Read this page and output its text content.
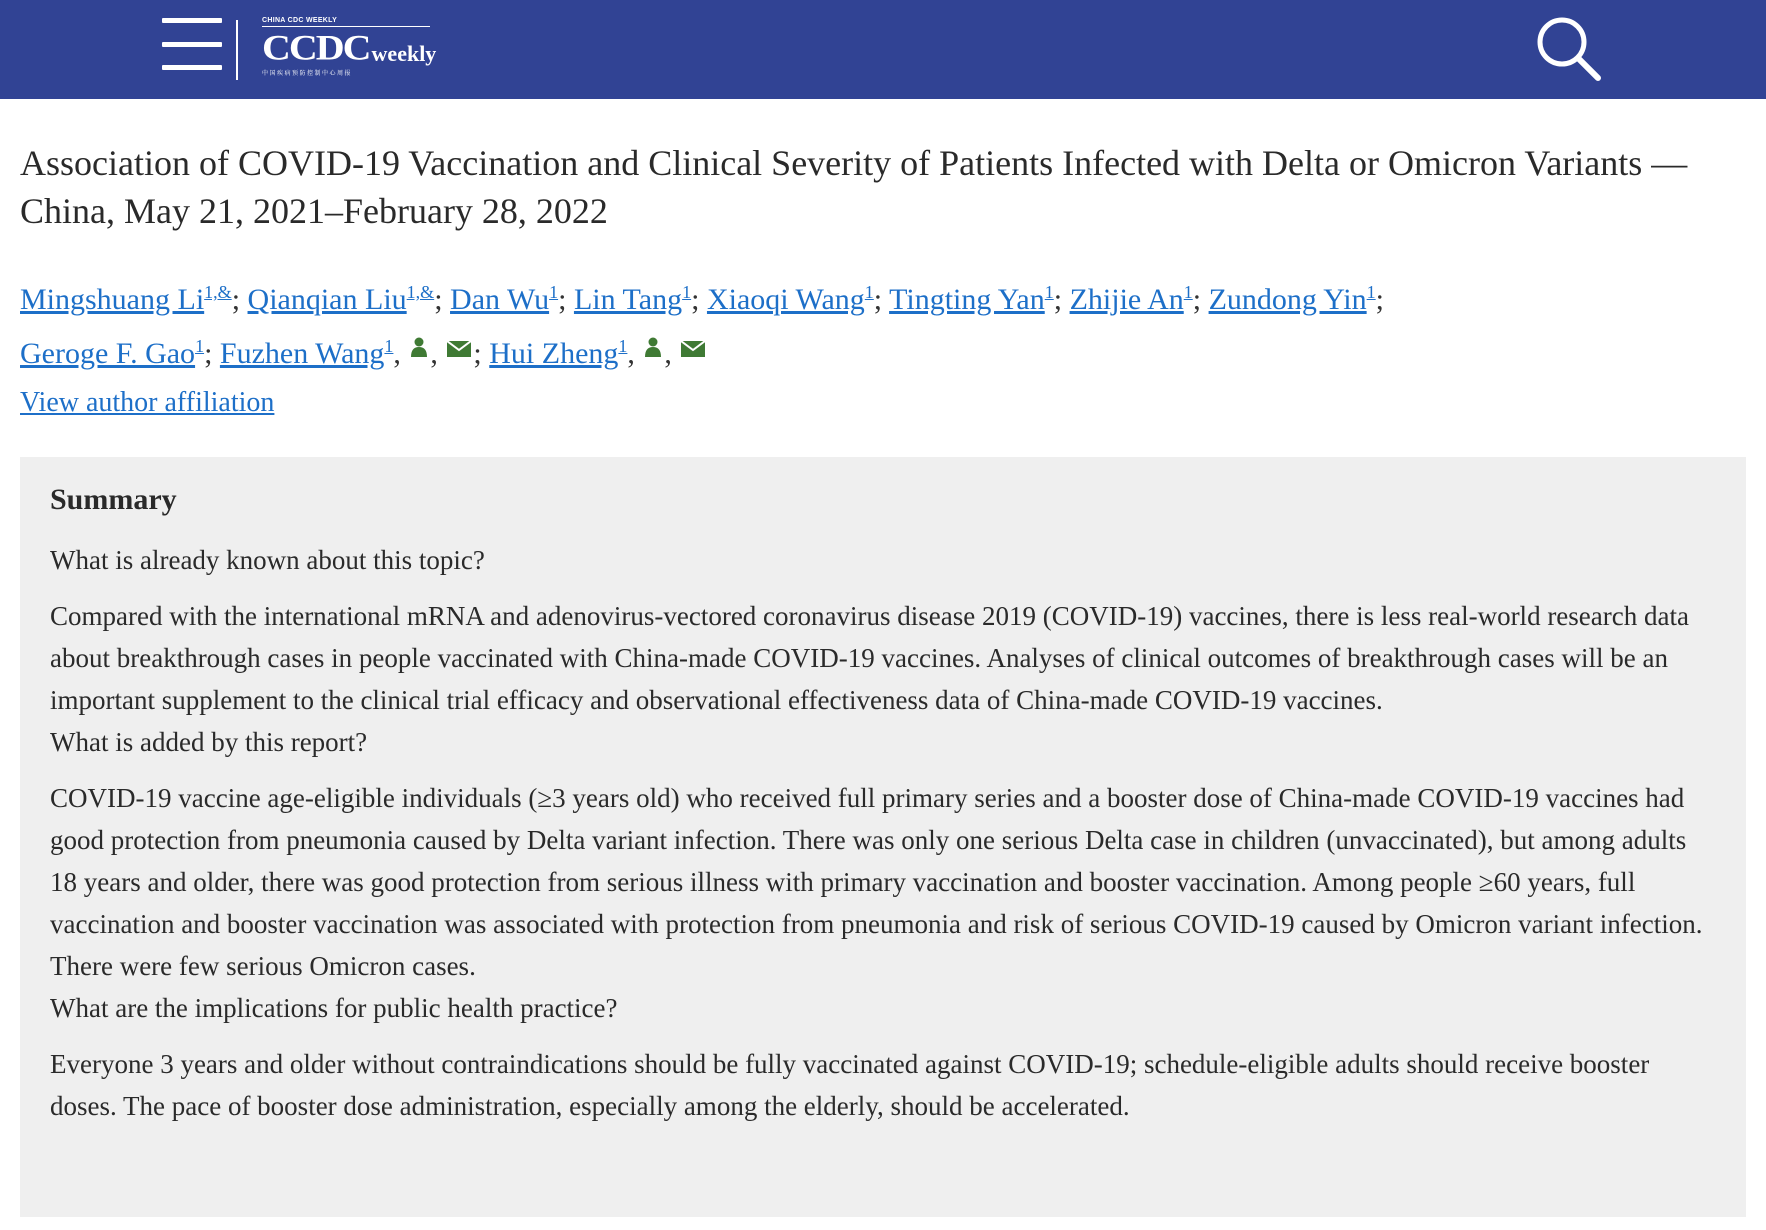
CHINA CDC WEEKLY
CCDC weekly
中国疾病预防控制中心周报
Association of COVID-19 Vaccination and Clinical Severity of Patients Infected with Delta or Omicron Variants — China, May 21, 2021–February 28, 2022
Mingshuang $Li^{1,\&}$; Qianqian Liu$^{1,\&}$; Dan Wu$^1$; Lin Tang$^1$; Xiaoqi Wang$^1$; Tingting Yan$^1$; Zhijie An$^1$; Zundong Yin$^1$;
Geroge F. Gao$^1$; Fuzhen Wang$^1$, , ; Hui Zheng$^1$, ,
View author affiliation
Summary

What is already known about this topic?

Compared with the international mRNA and adenovirus-vectored coronavirus disease 2019 (COVID-19) vaccines, there is less real-world research data about breakthrough cases in people vaccinated with China-made COVID-19 vaccines. Analyses of clinical outcomes of breakthrough cases will be an important supplement to the clinical trial efficacy and observational effectiveness data of China-made COVID-19 vaccines.

What is added by this report?

COVID-19 vaccine age-eligible individuals (≥3 years old) who received full primary series and a booster dose of China-made COVID-19 vaccines had good protection from pneumonia caused by Delta variant infection. There was only one serious Delta case in children (unvaccinated), but among adults 18 years and older, there was good protection from serious illness with primary vaccination and booster vaccination. Among people ≥60 years, full vaccination and booster vaccination was associated with protection from pneumonia and risk of serious COVID-19 caused by Omicron variant infection. There were few serious Omicron cases.

What are the implications for public health practice?

Everyone 3 years and older without contraindications should be fully vaccinated against COVID-19; schedule-eligible adults should receive booster doses. The pace of booster dose administration, especially among the elderly, should be accelerated.
